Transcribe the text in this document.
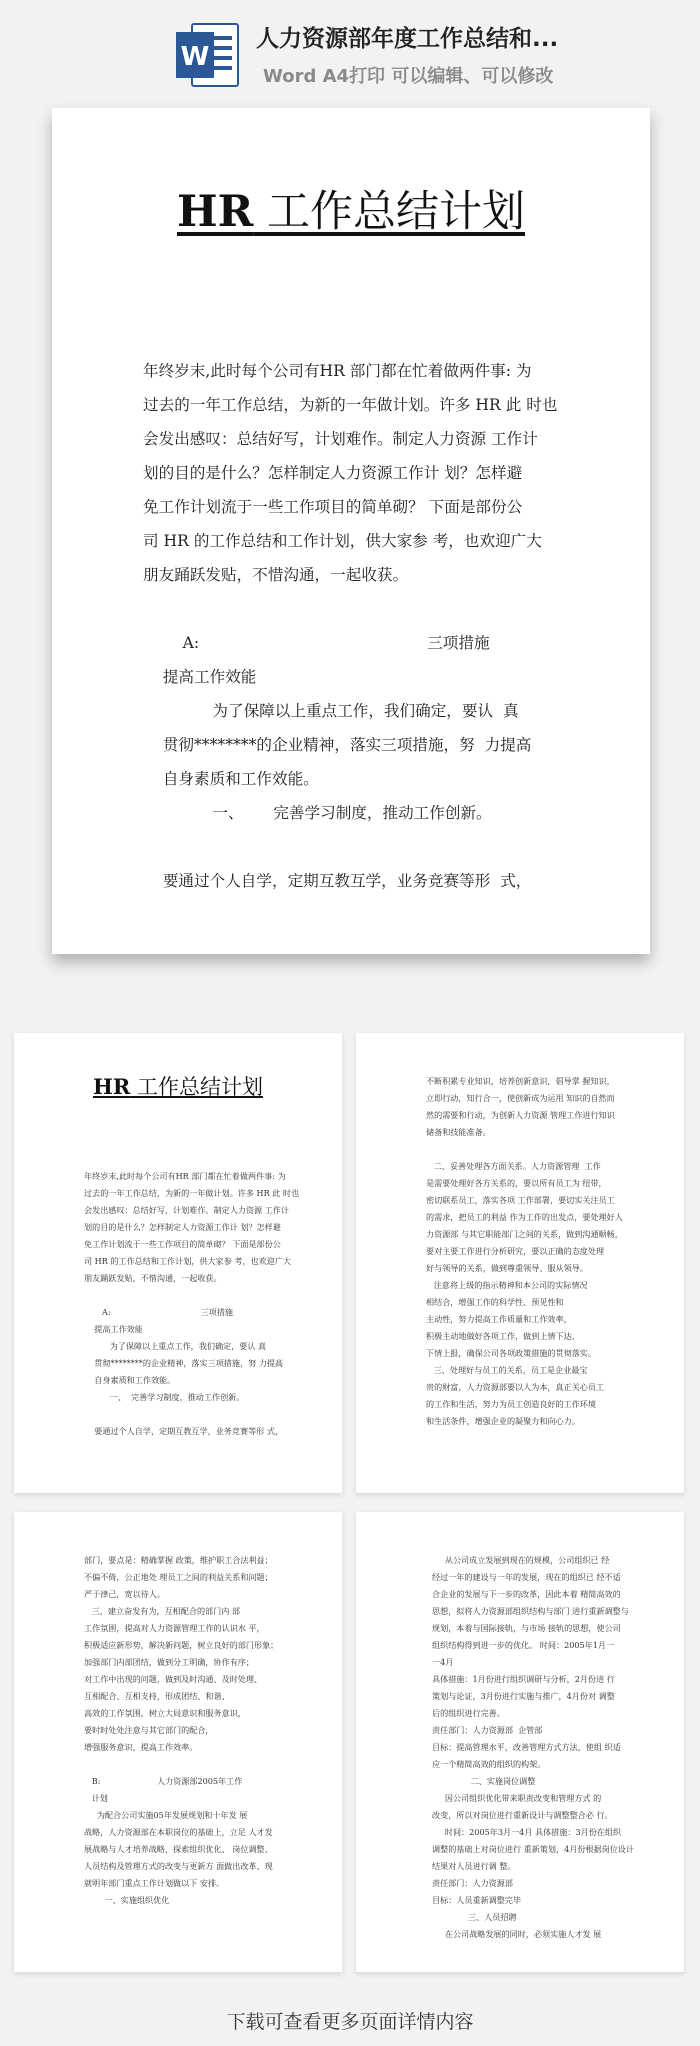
W
人力资源部年度工作总结和...
Word A4打印 可以编辑、可以修改
HR 工作总结计划
年终岁末,此时每个公司有HR 部门都在忙着做两件事: 为
过去的一年工作总结，为新的一年做计划。许多 HR 此 时也
会发出感叹：总结好写，计划难作。制定人力资源 工作计
划的目的是什么？怎样制定人力资源工作计 划？怎样避
免工作计划流于一些工作项目的简单砌？ 下面是部份公
司 HR 的工作总结和工作计划，供大家参 考，也欢迎广大
朋友踊跃发贴，不惜沟通，一起收获。

A:                                              三项措施
提高工作效能
为了保障以上重点工作，我们确定，要认  真
贯彻********的企业精神，落实三项措施，努  力提高
自身素质和工作效能。
一、      完善学习制度，推动工作创新。

要通过个人自学，定期互教互学，业务竞赛等形  式，
HR 工作总结计划
年终岁末,此时每个公司有HR 部门都在忙着做两件事: 为
过去的一年工作总结，为新的一年做计划。许多 HR 此 时也
会发出感叹：总结好写，计划难作。制定人力资源 工作计
划的目的是什么？怎样制定人力资源工作计 划？怎样避
免工作计划流于一些工作项目的简单砌？ 下面是部份公
司 HR 的工作总结和工作计划，供大家参 考，也欢迎广大
朋友踊跃发贴，不惜沟通，一起收获。

A:                                   三项措施
提高工作效能
为了保障以上重点工作，我们确定，要认 真
贯彻********的企业精神，落实三项措施，努 力提高
自身素质和工作效能。
一、  完善学习制度，推动工作创新。

要通过个人自学，定期互教互学，业务竞赛等形 式，
不断积累专业知识，培养创新意识，倡导掌 握知识，
立即行动，知行合一，使创新成为运用 知识的自然而
然的需要和行动，为创新人力资源 管理工作进行知识
储备和技能准备。

二、妥善处理各方面关系。人力资源管理  工作
是需要处理好各方关系的，要以所有员工为 纽带，
密切联系员工，落实各项 工作部署，要切实关注员工
的需求，把员工的利益 作为工作的出发点，要处理好人
力资源部 与其它职能部门之间的关系，做到沟通顺畅，
要对主要工作进行分析研究，要以正确的态度处理
好与领导的关系，做到尊重领导、服从领导。
注意将上级的指示精神和本公司的实际情况
相结合，增强工作的科学性、预见性和
主动性，努力提高工作质量和工作效率，
积极主动地做好各项工作，做到上情下达、
下情上报，确保公司各项政策措施的贯彻落实。
三、处理好与员工的关系，员工是企业最宝
贵的财富，人力资源部要以人为本，真正关心员工
的工作和生活，努力为员工创造良好的工作环境
和生活条件，增强企业的凝聚力和向心力。
部门，要点是：精确掌握 政策，维护职工合法利益；
不偏不倚，公正地处 理员工之间的利益关系和问题；
严于律己，宽以待人。
三、建立奋发有为，互相配合的部门内 部
工作氛围，提高对人力资源管理工作的认识水 平，
积极适应新形势，解决新问题，树立良好的部门形象；
加强部门内部团结，做到分工明确，协作有序；
对工作中出现的问题，做到及时沟通、及时处理、
互相配合、互相支持，形成团结、和谐、
高效的工作氛围，树立大局意识和服务意识，
要时时处处注意与其它部门的配合，
增强服务意识，提高工作效率。

B:                      人力资源部2005年工作
计划
为配合公司实施05年发展规划和十年发 展
战略，人力资源部在本职岗位的基础上，立足 人才发
展战略与人才培养战略，探索组织优化、 岗位调整、
人员结构及管理方式的改变与更新方 面做出改革、现
就明年部门重点工作计划做以下 安排。
一、实施组织优化
从公司成立发展到现在的规模，公司组织已 经
经过一年的建设与一年的发展，现在的组织已 经不适
合企业的发展与下一步的改革，因此本着 精简高效的
思想，拟将人力资源部组织结构与部门 进行重新调整与
规划，本着与国际接轨，与市场 接轨的思想，使公司
组织结构得到进一步的优化。 时间：2005年1月一
一4月
具体措施：1月份进行组织调研与分析，2月份进 行
策划与论证，3月份进行实施与推广，4月份对 调整
后的组织进行完善。
责任部门：人力资源部  企管部
目标：提高管理水平，改善管理方式方法，使组 织适
应一个精简高效的组织的构架。
二、实施岗位调整
因公司组织优化带来职责改变和管理方式 的
改变，所以对岗位进行重新设计与调整整合必 行。
时间：2005年3月一4月 具体措施：3月份在组织
调整的基础上对岗位进行 重新策划，4月份根据岗位设计
结果对人员进行调 整。
责任部门：人力资源部
目标：人员重新调整完毕
三、人员招聘
在公司战略发展的同时，必须实施人才发 展
下载可查看更多页面详情内容
